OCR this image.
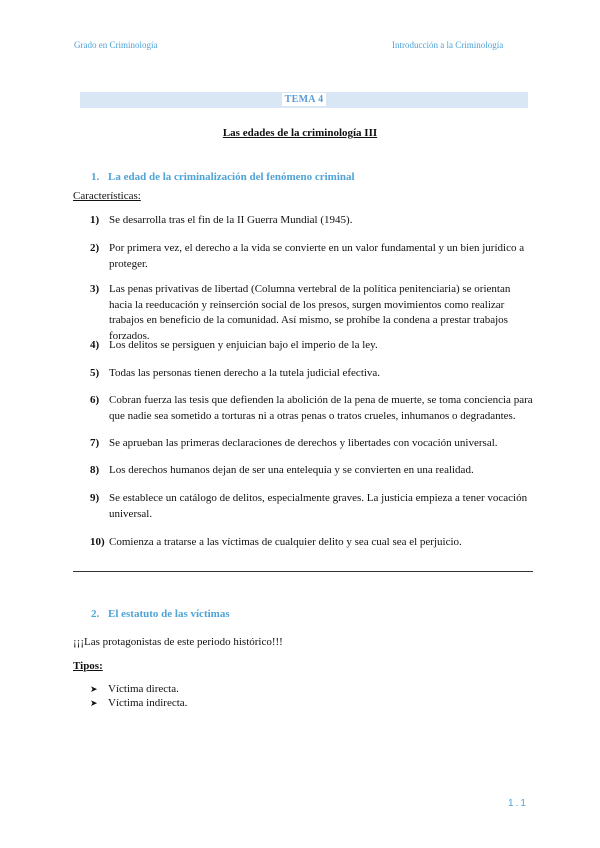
Grado en Criminología	Introducción a la Criminología
TEMA 4
Las edades de la criminología III
1. La edad de la criminalización del fenómeno criminal
Características:
1) Se desarrolla tras el fin de la II Guerra Mundial (1945).
2) Por primera vez, el derecho a la vida se convierte en un valor fundamental y un bien jurídico a proteger.
3) Las penas privativas de libertad (Columna vertebral de la política penitenciaria) se orientan hacia la reeducación y reinserción social de los presos, surgen movimientos como realizar trabajos en beneficio de la comunidad. Así mismo, se prohíbe la condena a prestar trabajos forzados.
4) Los delitos se persiguen y enjuician bajo el imperio de la ley.
5) Todas las personas tienen derecho a la tutela judicial efectiva.
6) Cobran fuerza las tesis que defienden la abolición de la pena de muerte, se toma conciencia para que nadie sea sometido a torturas ni a otras penas o tratos crueles, inhumanos o degradantes.
7) Se aprueban las primeras declaraciones de derechos y libertades con vocación universal.
8) Los derechos humanos dejan de ser una entelequia y se convierten en una realidad.
9) Se establece un catálogo de delitos, especialmente graves. La justicia empieza a tener vocación universal.
10) Comienza a tratarse a las víctimas de cualquier delito y sea cual sea el perjuicio.
2. El estatuto de las víctimas
¡¡¡Las protagonistas de este periodo histórico!!!
Tipos:
➤ Víctima directa.
➤ Víctima indirecta.
1.1
